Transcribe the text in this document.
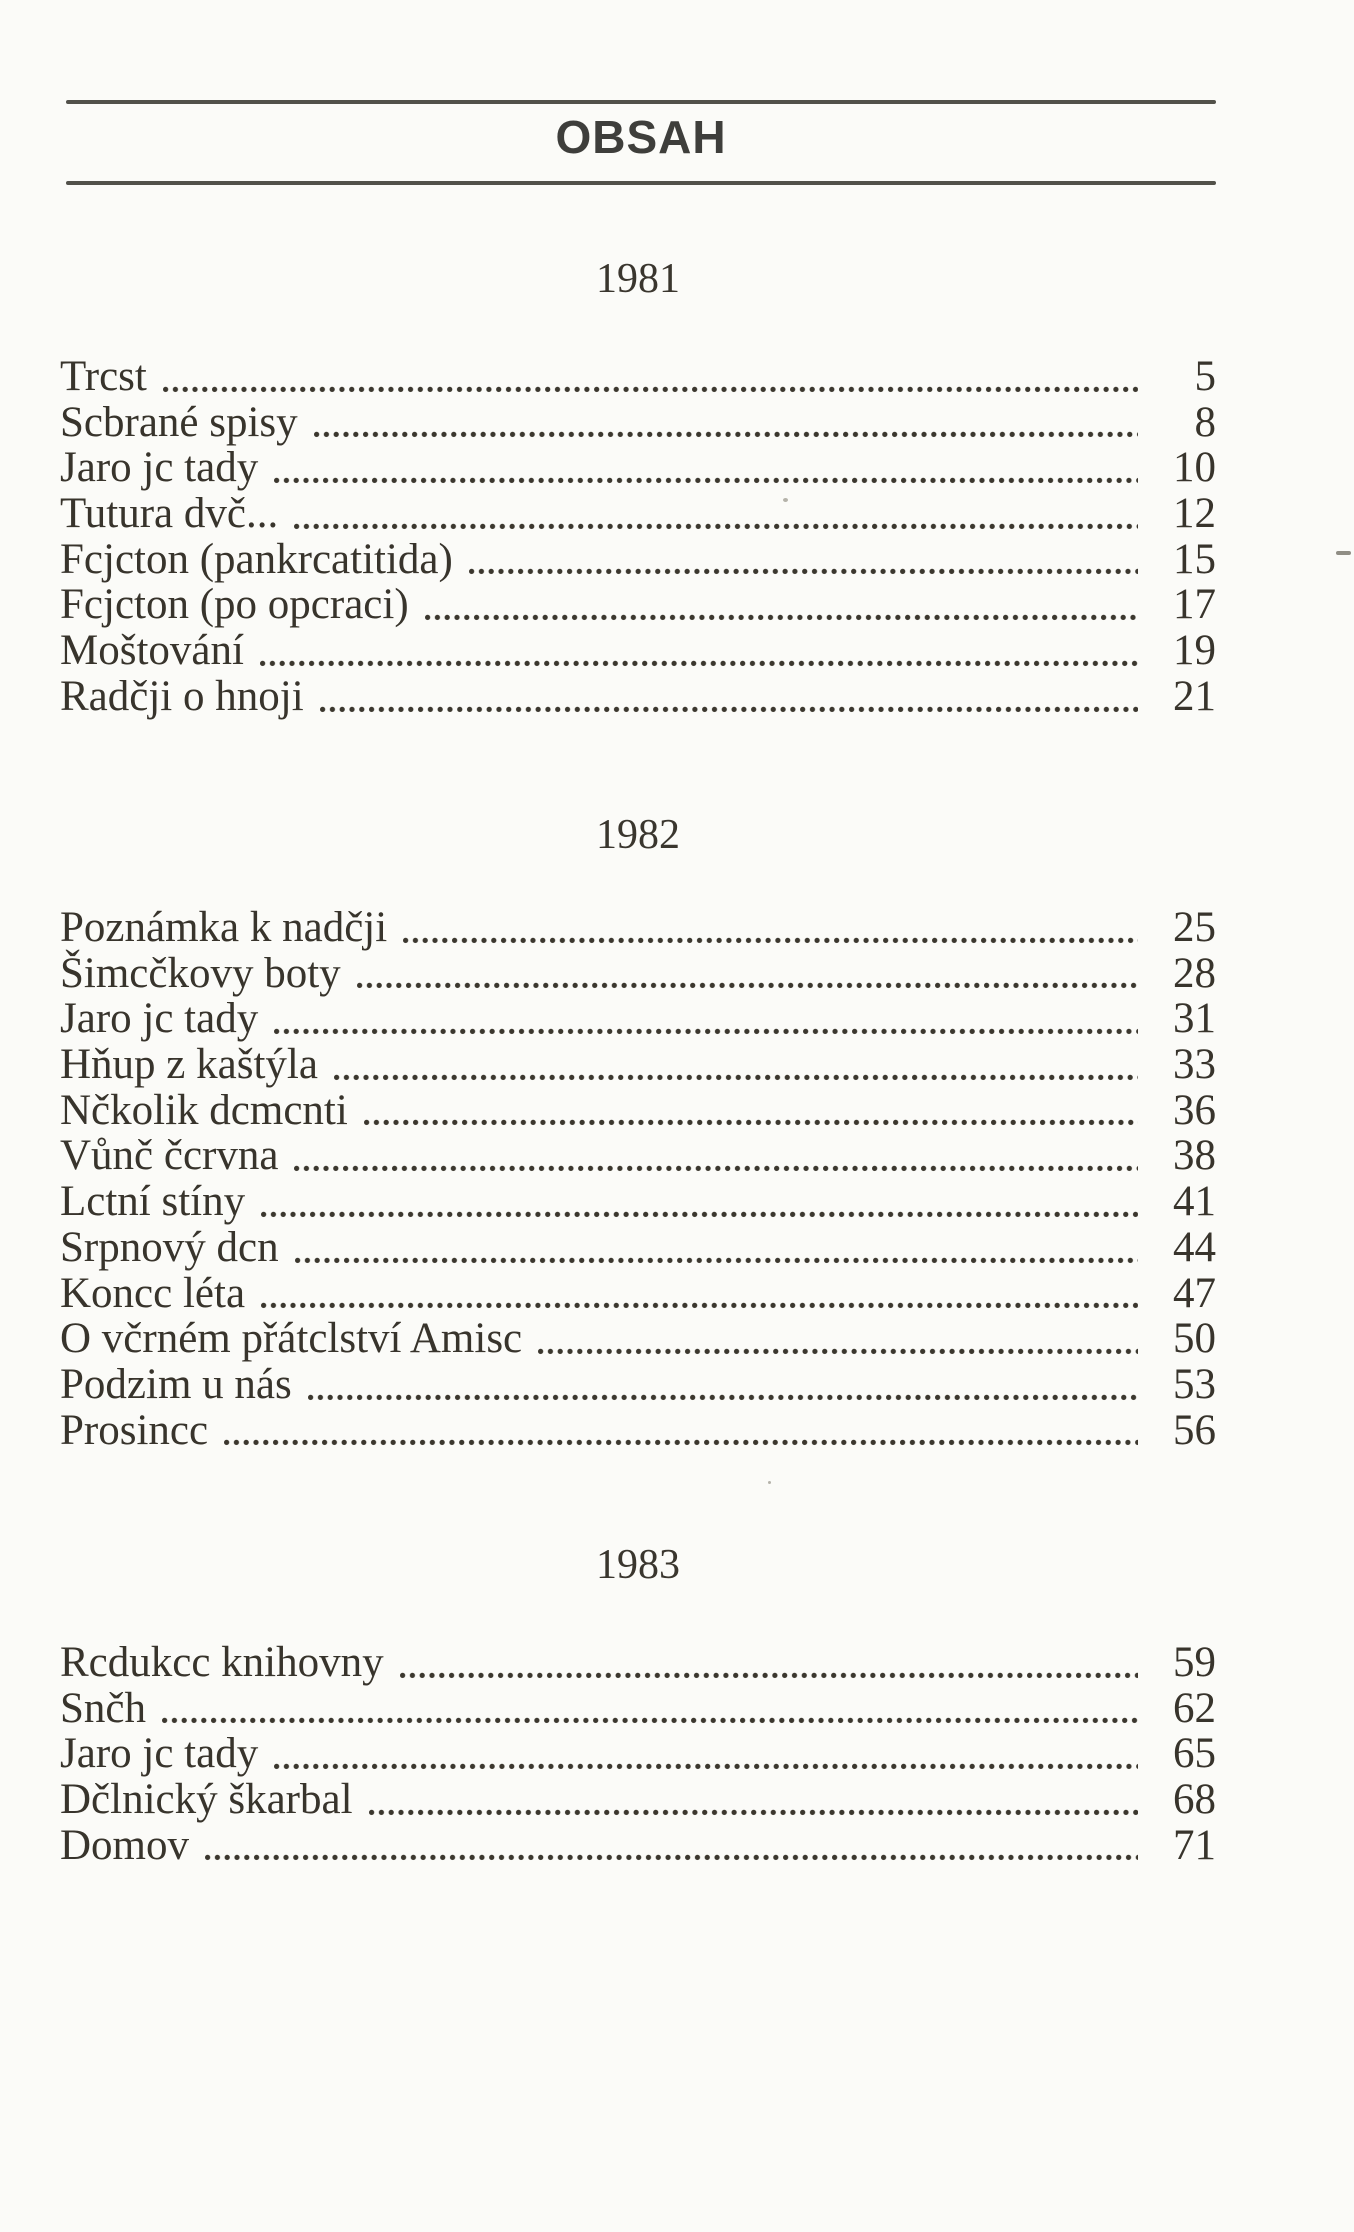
OBSAH
1981
Trcst	5
Scbrané spisy	8
Jaro jc tady	10
Tutura dvč...	12
Fcjcton (pankrcatitida)	15
Fcjcton (po opcraci)	17
Moštování	19
Radčji o hnoji	21
1982
Poznámka k nadčji	25
Šimcčkovy boty	28
Jaro jc tady	31
Hňup z kaštýla	33
Nčkolik dcmcnti	36
Vůnč čcrvna	38
Lctní stíny	41
Srpnový dcn	44
Koncc léta	47
O včrném přátclství Amisc	50
Podzim u nás	53
Prosincc	56
1983
Rcdukcc knihovny	59
Snčh	62
Jaro jc tady	65
Dčlnický škarbal	68
Domov	71
